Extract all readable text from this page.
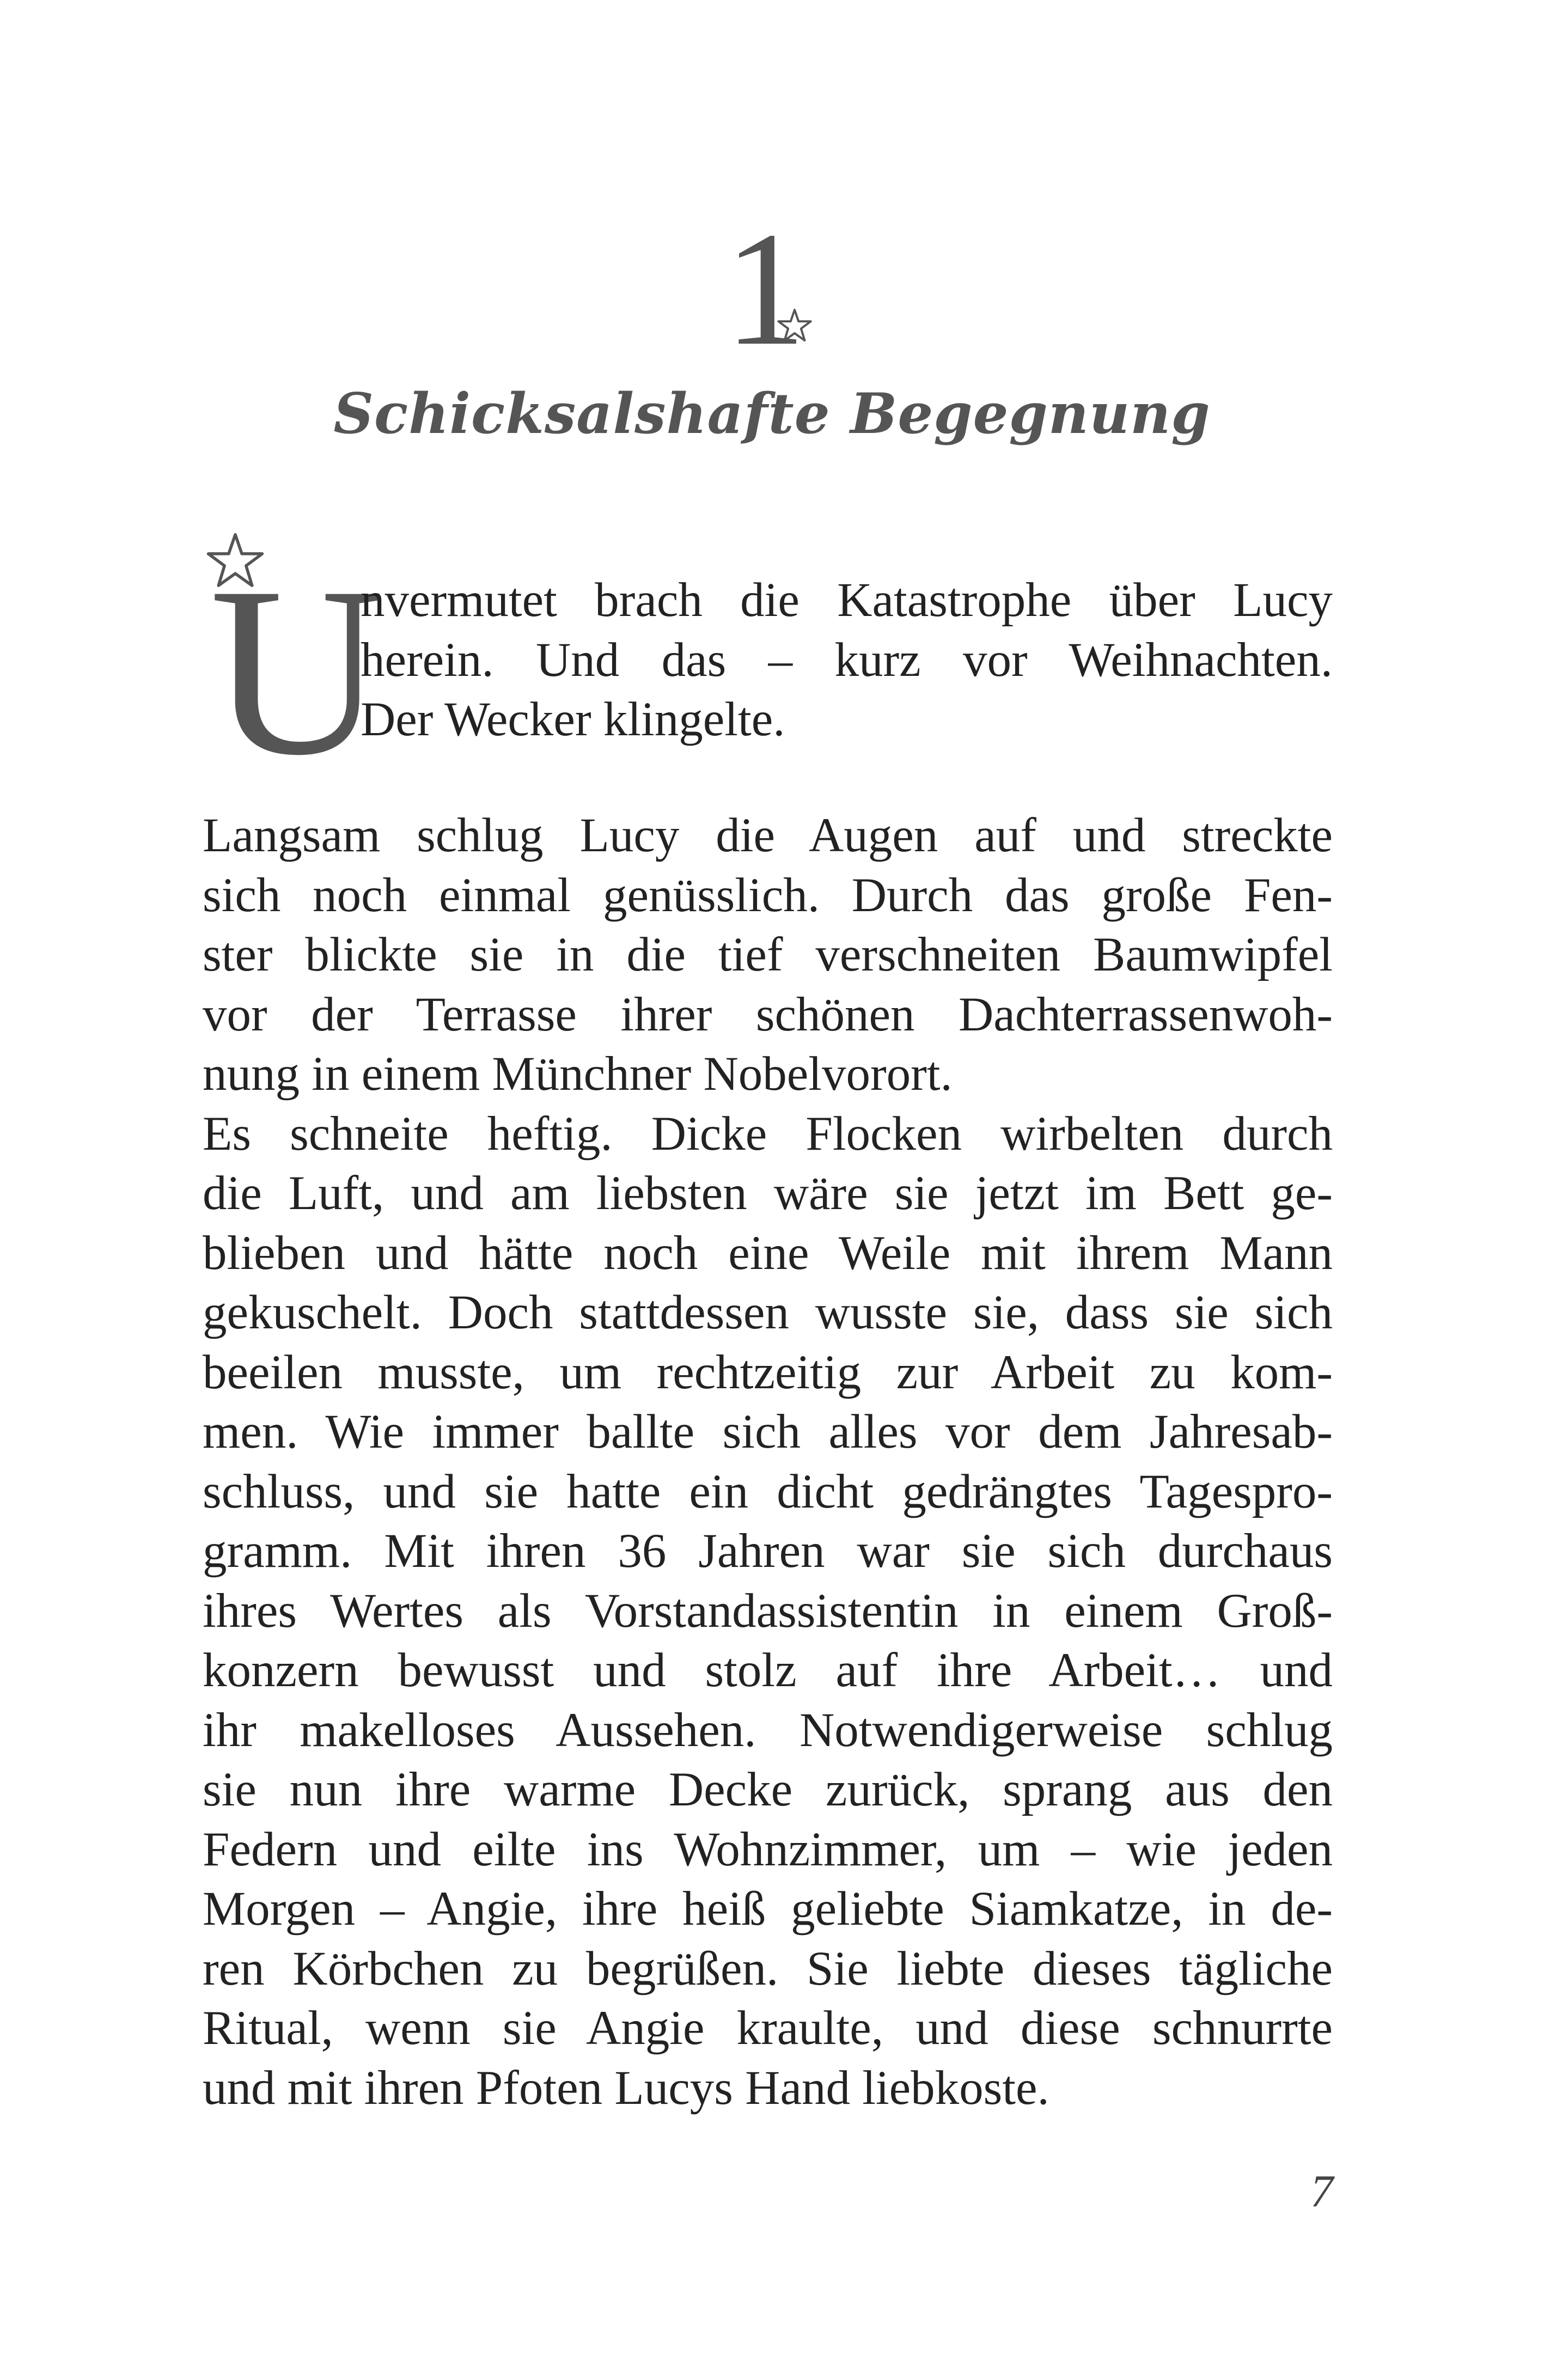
1
Schicksalshafte Begegnung
U
nvermutet brach die Katastrophe über Lucy
herein. Und das – kurz vor Weihnachten.
Der Wecker klingelte.
Langsam schlug Lucy die Augen auf und streckte
sich noch einmal genüsslich. Durch das große Fen-
ster blickte sie in die tief verschneiten Baumwipfel
vor der Terrasse ihrer schönen Dachterrassenwoh-
nung in einem Münchner Nobelvorort.
Es schneite heftig. Dicke Flocken wirbelten durch
die Luft, und am liebsten wäre sie jetzt im Bett ge-
blieben und hätte noch eine Weile mit ihrem Mann
gekuschelt. Doch stattdessen wusste sie, dass sie sich
beeilen musste, um rechtzeitig zur Arbeit zu kom-
men. Wie immer ballte sich alles vor dem Jahresab-
schluss, und sie hatte ein dicht gedrängtes Tagespro-
gramm. Mit ihren 36 Jahren war sie sich durchaus
ihres Wertes als Vorstandassistentin in einem Groß-
konzern bewusst und stolz auf ihre Arbeit… und
ihr makelloses Aussehen. Notwendigerweise schlug
sie nun ihre warme Decke zurück, sprang aus den
Federn und eilte ins Wohnzimmer, um – wie jeden
Morgen – Angie, ihre heiß geliebte Siamkatze, in de-
ren Körbchen zu begrüßen. Sie liebte dieses tägliche
Ritual, wenn sie Angie kraulte, und diese schnurrte
und mit ihren Pfoten Lucys Hand liebkoste.
7
